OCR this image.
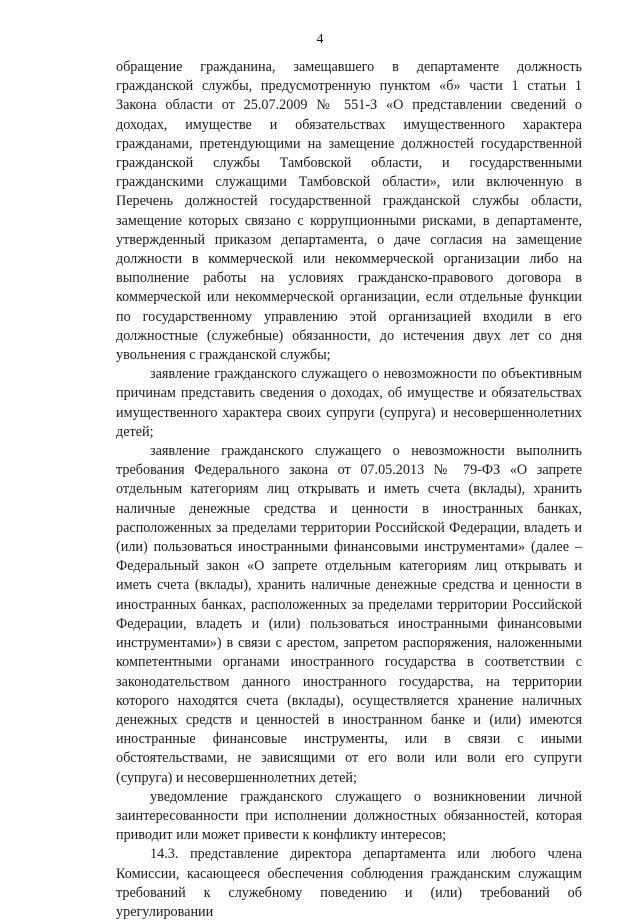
4

обращение гражданина, замещавшего в департаменте должность гражданской службы, предусмотренную пунктом «б» части 1 статьи 1 Закона области от 25.07.2009 № 551-З «О представлении сведений о доходах, имуществе и обязательствах имущественного характера гражданами, претендующими на замещение должностей государственной гражданской службы Тамбовской области, и государственными гражданскими служащими Тамбовской области», или включенную в Перечень должностей государственной гражданской службы области, замещение которых связано с коррупционными рисками, в департаменте, утвержденный приказом департамента, о даче согласия на замещение должности в коммерческой или некоммерческой организации либо на выполнение работы на условиях гражданско-правового договора в коммерческой или некоммерческой организации, если отдельные функции по государственному управлению этой организацией входили в его должностные (служебные) обязанности, до истечения двух лет со дня увольнения с гражданской службы;

заявление гражданского служащего о невозможности по объективным причинам представить сведения о доходах, об имуществе и обязательствах имущественного характера своих супруги (супруга) и несовершеннолетних детей;

заявление гражданского служащего о невозможности выполнить требования Федерального закона от 07.05.2013 № 79-ФЗ «О запрете отдельным категориям лиц открывать и иметь счета (вклады), хранить наличные денежные средства и ценности в иностранных банках, расположенных за пределами территории Российской Федерации, владеть и (или) пользоваться иностранными финансовыми инструментами» (далее – Федеральный закон «О запрете отдельным категориям лиц открывать и иметь счета (вклады), хранить наличные денежные средства и ценности в иностранных банках, расположенных за пределами территории Российской Федерации, владеть и (или) пользоваться иностранными финансовыми инструментами») в связи с арестом, запретом распоряжения, наложенными компетентными органами иностранного государства в соответствии с законодательством данного иностранного государства, на территории которого находятся счета (вклады), осуществляется хранение наличных денежных средств и ценностей в иностранном банке и (или) имеются иностранные финансовые инструменты, или в связи с иными обстоятельствами, не зависящими от его воли или воли его супруги (супруга) и несовершеннолетних детей;

уведомление гражданского служащего о возникновении личной заинтересованности при исполнении должностных обязанностей, которая приводит или может привести к конфликту интересов;

14.3. представление директора департамента или любого члена Комиссии, касающееся обеспечения соблюдения гражданским служащим требований к служебному поведению и (или) требований об урегулировании
